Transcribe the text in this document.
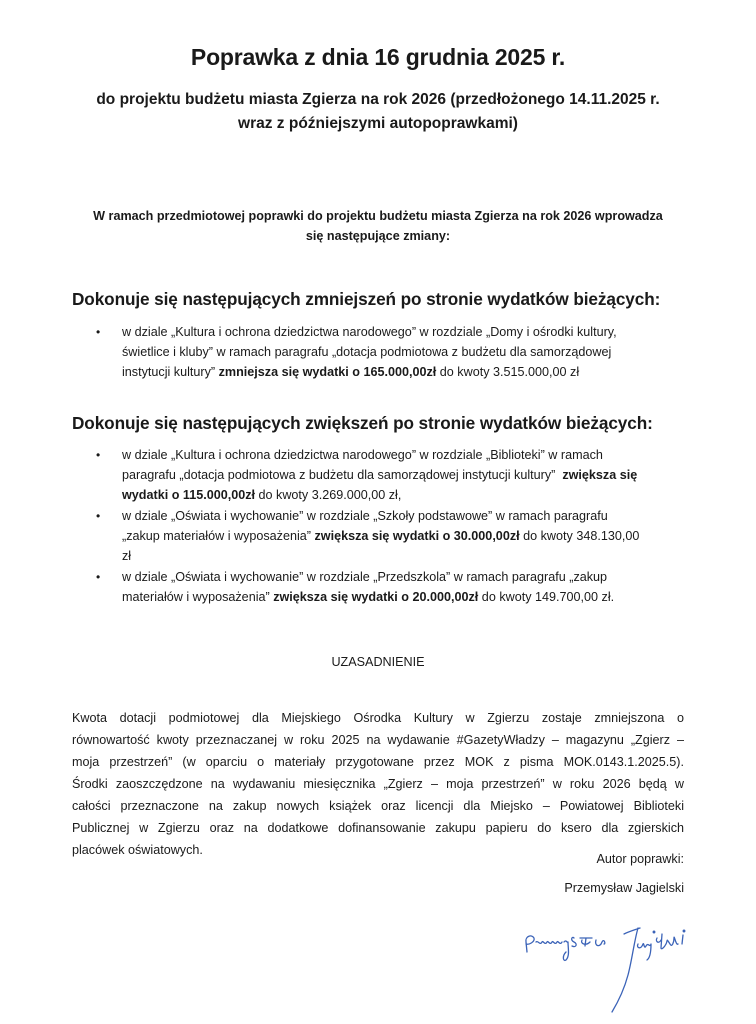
Poprawka z dnia 16 grudnia 2025 r.

do projektu budżetu miasta Zgierza na rok 2026 (przedłożonego 14.11.2025 r.
wraz z późniejszymi autopoprawkami)

W ramach przedmiotowej poprawki do projektu budżetu miasta Zgierza na rok 2026 wprowadza
się następujące zmiany:

Dokonuje się następujących zmniejszeń po stronie wydatków bieżących:
• w dziale „Kultura i ochrona dziedzictwa narodowego” w rozdziale „Domy i ośrodki kultury,
świetlice i kluby” w ramach paragrafu „dotacja podmiotowa z budżetu dla samorządowej
instytucji kultury” zmniejsza się wydatki o 165.000,00zł do kwoty 3.515.000,00 zł
Dokonuje się następujących zwiększeń po stronie wydatków bieżących:
• w dziale „Kultura i ochrona dziedzictwa narodowego” w rozdziale „Biblioteki” w ramach
paragrafu „dotacja podmiotowa z budżetu dla samorządowej instytucji kultury”  zwiększa się
wydatki o 115.000,00zł do kwoty 3.269.000,00 zł,
• w dziale „Oświata i wychowanie” w rozdziale „Szkoły podstawowe” w ramach paragrafu
„zakup materiałów i wyposażenia” zwiększa się wydatki o 30.000,00zł do kwoty 348.130,00
zł
• w dziale „Oświata i wychowanie” w rozdziale „Przedszkola” w ramach paragrafu „zakup
materiałów i wyposażenia” zwiększa się wydatki o 20.000,00zł do kwoty 149.700,00 zł.
UZASADNIENIE

Kwota dotacji podmiotowej dla Miejskiego Ośrodka Kultury w Zgierzu zostaje zmniejszona o
równowartość kwoty przeznaczanej w roku 2025 na wydawanie #GazetyWładzy – magazynu „Zgierz –
moja przestrzeń” (w oparciu o materiały przygotowane przez MOK z pisma MOK.0143.1.2025.5).
Środki zaoszczędzone na wydawaniu miesięcznika „Zgierz – moja przestrzeń” w roku 2026 będą w
całości przeznaczone na zakup nowych książek oraz licencji dla Miejsko – Powiatowej Biblioteki
Publicznej w Zgierzu oraz na dodatkowe dofinansowanie zakupu papieru do ksero dla zgierskich
placówek oświatowych.

Autor poprawki:

Przemysław Jagielski
